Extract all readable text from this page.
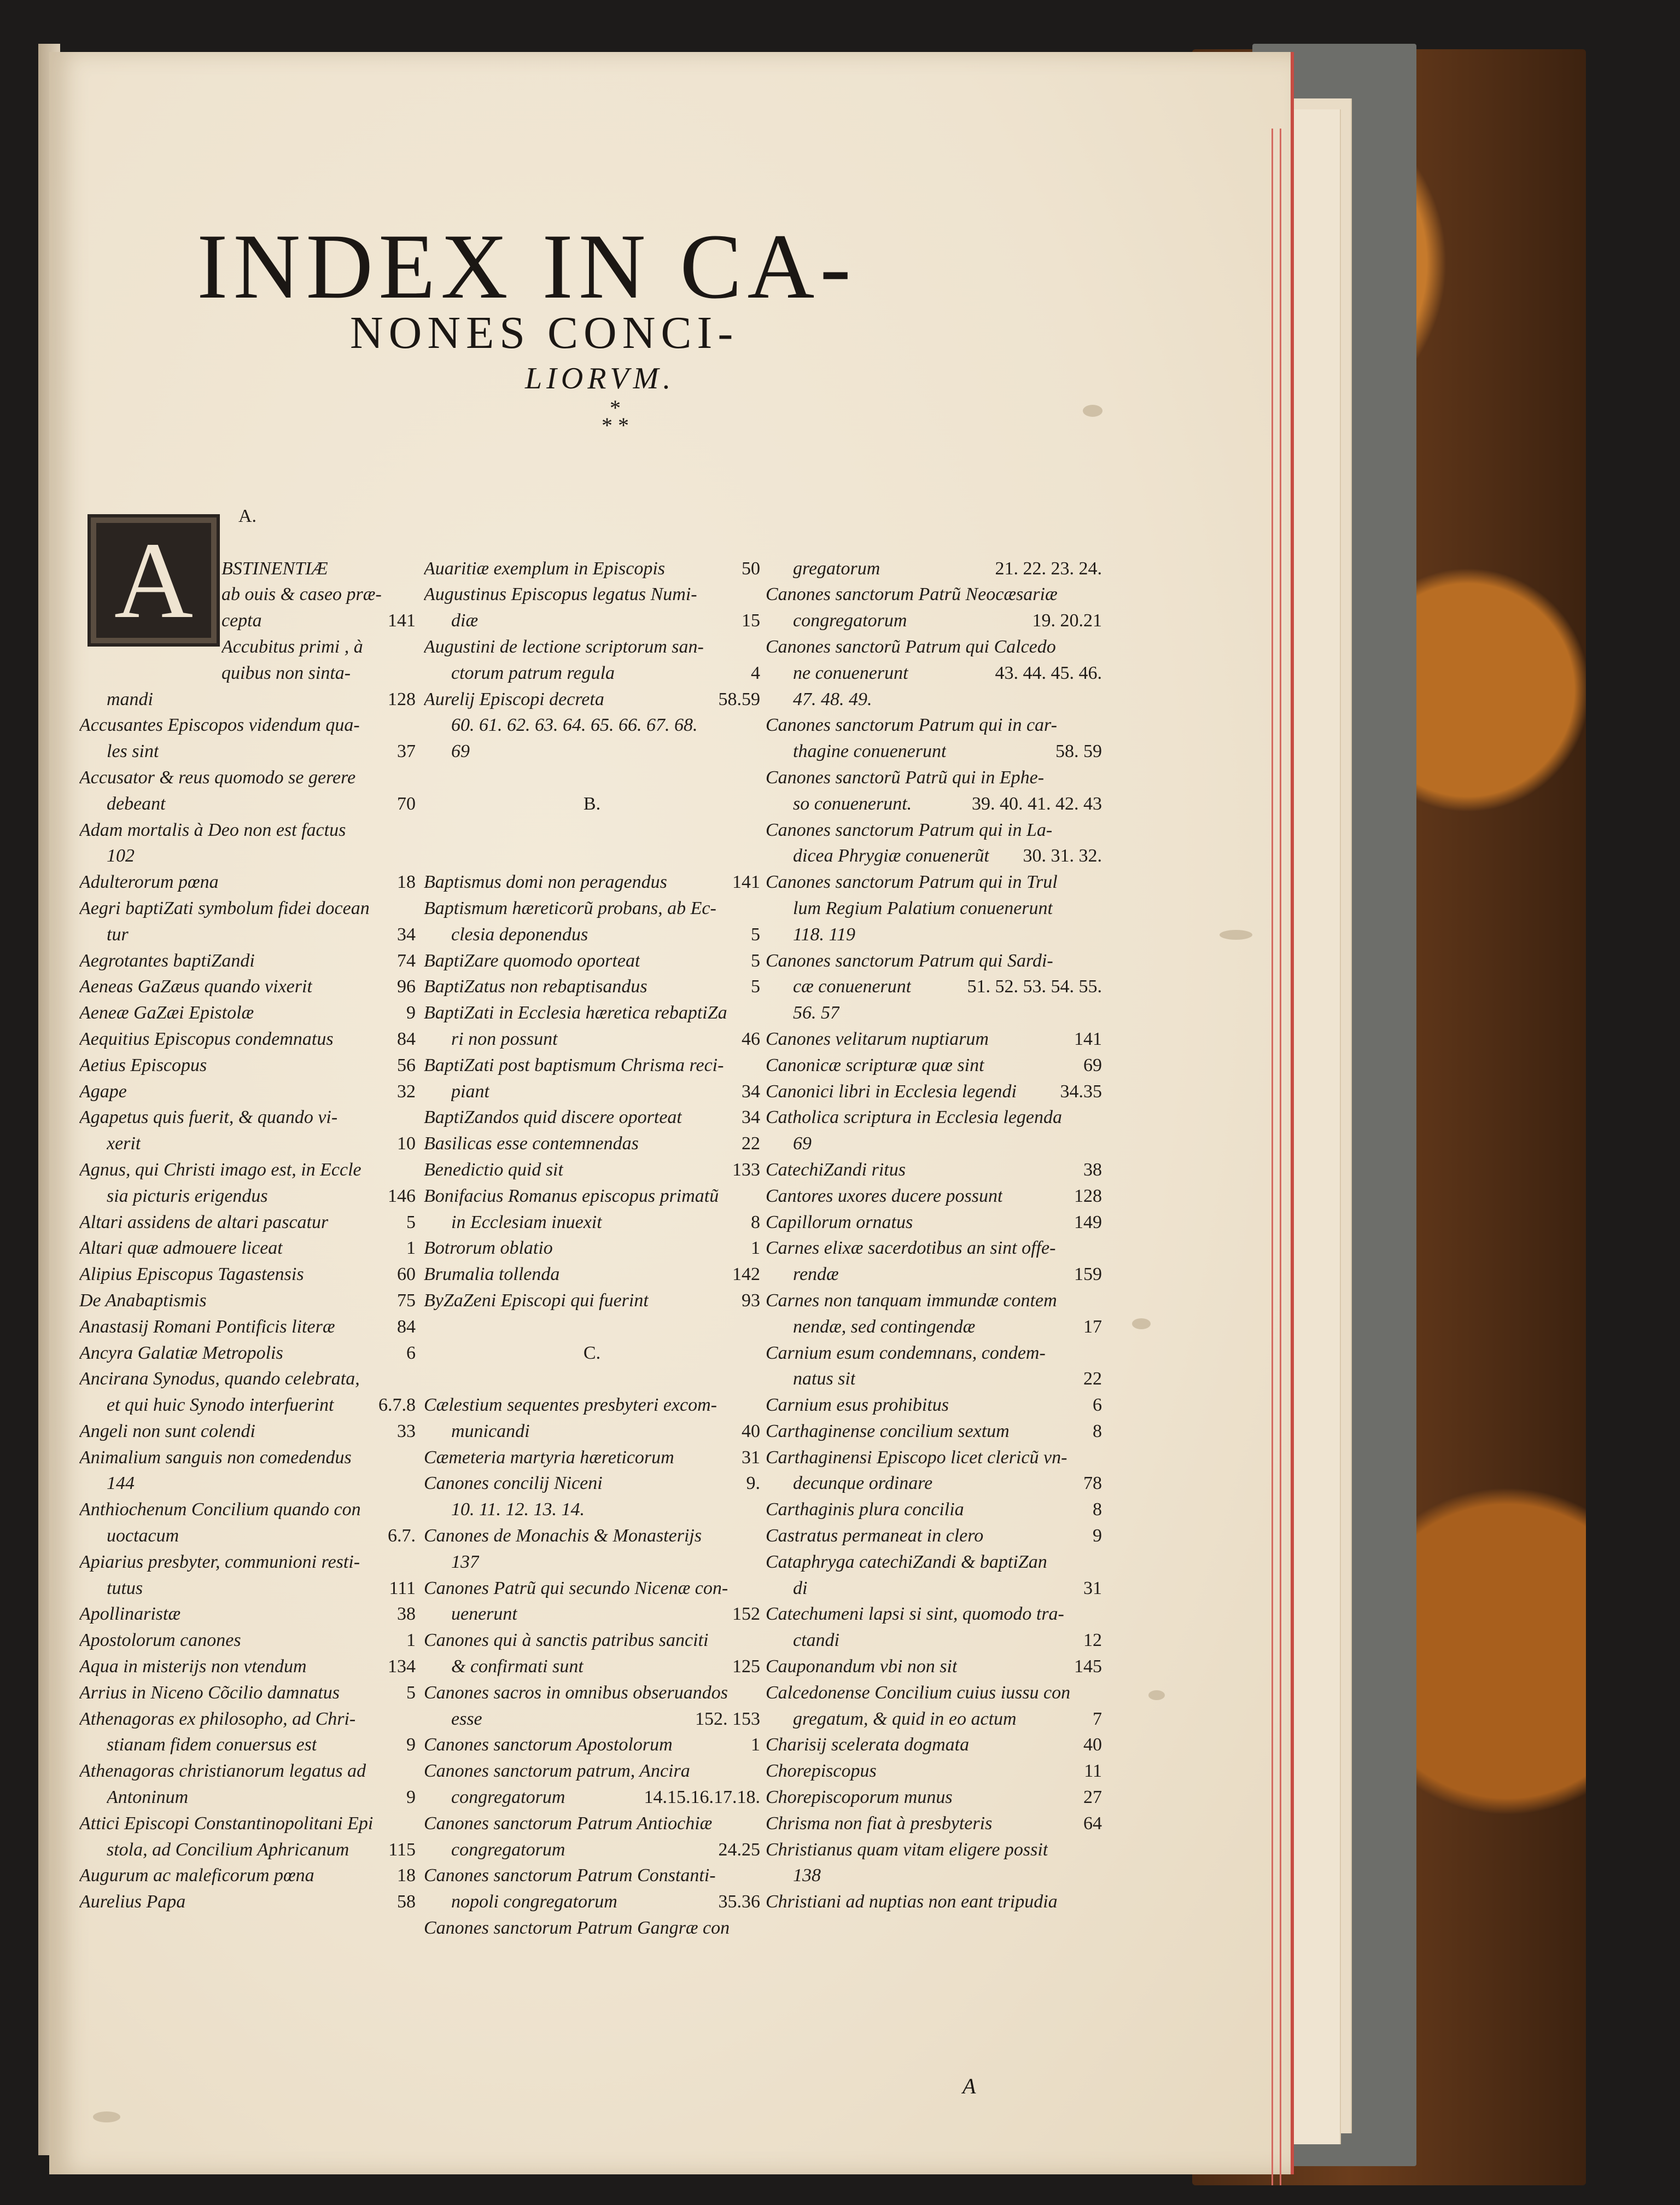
INDEX IN CA-
NONES CONCI-
LIORVM.
*
* *
A.
BSTINENTIÆ
ab ouis & caseo præ-
cepta	141
Accubitus primi , à
quibus non sinta-
mandi	128
Accusantes Episcopos videndum qua-
les sint	37
Accusator & reus quomodo se gerere
debeant	70
Adam mortalis à Deo non est factus
102
Adulterorum pœna	18
Aegri baptiZati symbolum fidei docean
tur	34
Aegrotantes baptiZandi	74
Aeneas GaZæus quando vixerit	96
Aeneæ GaZæi Epistolæ	9
Aequitius Episcopus condemnatus	84
Aetius Episcopus	56
Agape	32
Agapetus quis fuerit, & quando vi-
xerit	10
Agnus, qui Christi imago est, in Eccle
sia picturis erigendus	146
Altari assidens de altari pascatur	5
Altari quæ admouere liceat	1
Alipius Episcopus Tagastensis	60
De Anabaptismis	75
Anastasij Romani Pontificis literæ	84
Ancyra Galatiæ Metropolis	6
Ancirana Synodus, quando celebrata,
et qui huic Synodo interfuerint 6.7.8
Angeli non sunt colendi	33
Animalium sanguis non comedendus
144
Anthiochenum Concilium quando con
uoctacum	6.7.
Apiarius presbyter, communioni resti-
tutus	111
Apollinaristæ	38
Apostolorum canones	1
Aqua in misterijs non vtendum	134
Arrius in Niceno Cõcilio damnatus	5
Athenagoras ex philosopho, ad Chri-
stianam fidem conuersus est	9
Athenagoras christianorum legatus ad
Antoninum	9
Attici Episcopi Constantinopolitani Epi
stola, ad Concilium Aphricanum 115
Augurum ac maleficorum pœna	18
Aurelius Papa	58
Auaritiæ exemplum in Episcopis	50
Augustinus Episcopus legatus Numi-
diæ	15
Augustini de lectione scriptorum san-
ctorum patrum regula	4
Aurelij Episcopi decreta	58.59
60. 61. 62. 63. 64. 65. 66. 67. 68.
69
B.
Baptismus domi non peragendus	141
Baptismum hæreticorũ probans, ab Ec-
clesia deponendus	5
BaptiZare quomodo oporteat	5
BaptiZatus non rebaptisandus	5
BaptiZati in Ecclesia hæretica rebaptiZa
ri non possunt	46
BaptiZati post baptismum Chrisma reci-
piant	34
BaptiZandos quid discere oporteat	34
Basilicas esse contemnendas	22
Benedictio quid sit	133
Bonifacius Romanus episcopus primatũ
in Ecclesiam inuexit	8
Botrorum oblatio	1
Brumalia tollenda	142
ByZaZeni Episcopi qui fuerint	93
C.
Cælestium sequentes presbyteri excom-
municandi	40
Cæmeteria martyria hæreticorum	31
Canones concilij Niceni	9.
10. 11. 12. 13. 14.
Canones de Monachis & Monasterijs
137
Canones Patrũ qui secundo Nicenæ con-
uenerunt	152
Canones qui à sanctis patribus sanciti
& confirmati sunt	125
Canones sacros in omnibus obseruandos
esse	152. 153
Canones sanctorum Apostolorum	1
Canones sanctorum patrum, Ancira
congregatorum	14.15.16.17.18.
Canones sanctorum Patrum Antiochiæ
congregatorum	24.25
Canones sanctorum Patrum Constanti-
nopoli congregatorum	35.36
Canones sanctorum Patrum Gangræ con
gregatorum	21. 22. 23. 24.
Canones sanctorum Patrũ Neocæsariæ
congregatorum	19. 20.21
Canones sanctorũ Patrum qui Calcedo
ne conuenerunt	43. 44. 45. 46.
47. 48. 49.
Canones sanctorum Patrum qui in car-
thagine conuenerunt	58. 59
Canones sanctorũ Patrũ qui in Ephe-
so conuenerunt.	39. 40. 41. 42. 43
Canones sanctorum Patrum qui in La-
dicea Phrygiæ conuenerũt 30. 31. 32.
Canones sanctorum Patrum qui in Trul
lum Regium Palatium conuenerunt
118. 119
Canones sanctorum Patrum qui Sardi-
cæ conuenerunt	51. 52. 53. 54. 55.
56. 57
Canones velitarum nuptiarum	141
Canonicæ scripturæ quæ sint	69
Canonici libri in Ecclesia legendi 34.35
Catholica scriptura in Ecclesia legenda
69
CatechiZandi ritus	38
Cantores uxores ducere possunt	128
Capillorum ornatus	149
Carnes elixæ sacerdotibus an sint offe-
rendæ	159
Carnes non tanquam immundæ contem
nendæ, sed contingendæ	17
Carnium esum condemnans, condem-
natus sit	22
Carnium esus prohibitus	6
Carthaginense concilium sextum	8
Carthaginensi Episcopo licet clericũ vn-
decunque ordinare	78
Carthaginis plura concilia	8
Castratus permaneat in clero	9
Cataphryga catechiZandi & baptiZan
di	31
Catechumeni lapsi si sint, quomodo tra-
ctandi	12
Cauponandum vbi non sit	145
Calcedonense Concilium cuius iussu con
gregatum, & quid in eo actum	7
Charisij scelerata dogmata	40
Chorepiscopus	11
Chorepiscoporum munus	27
Chrisma non fiat à presbyteris	64
Christianus quam vitam eligere possit
138
Christiani ad nuptias non eant tripudia
A
A
